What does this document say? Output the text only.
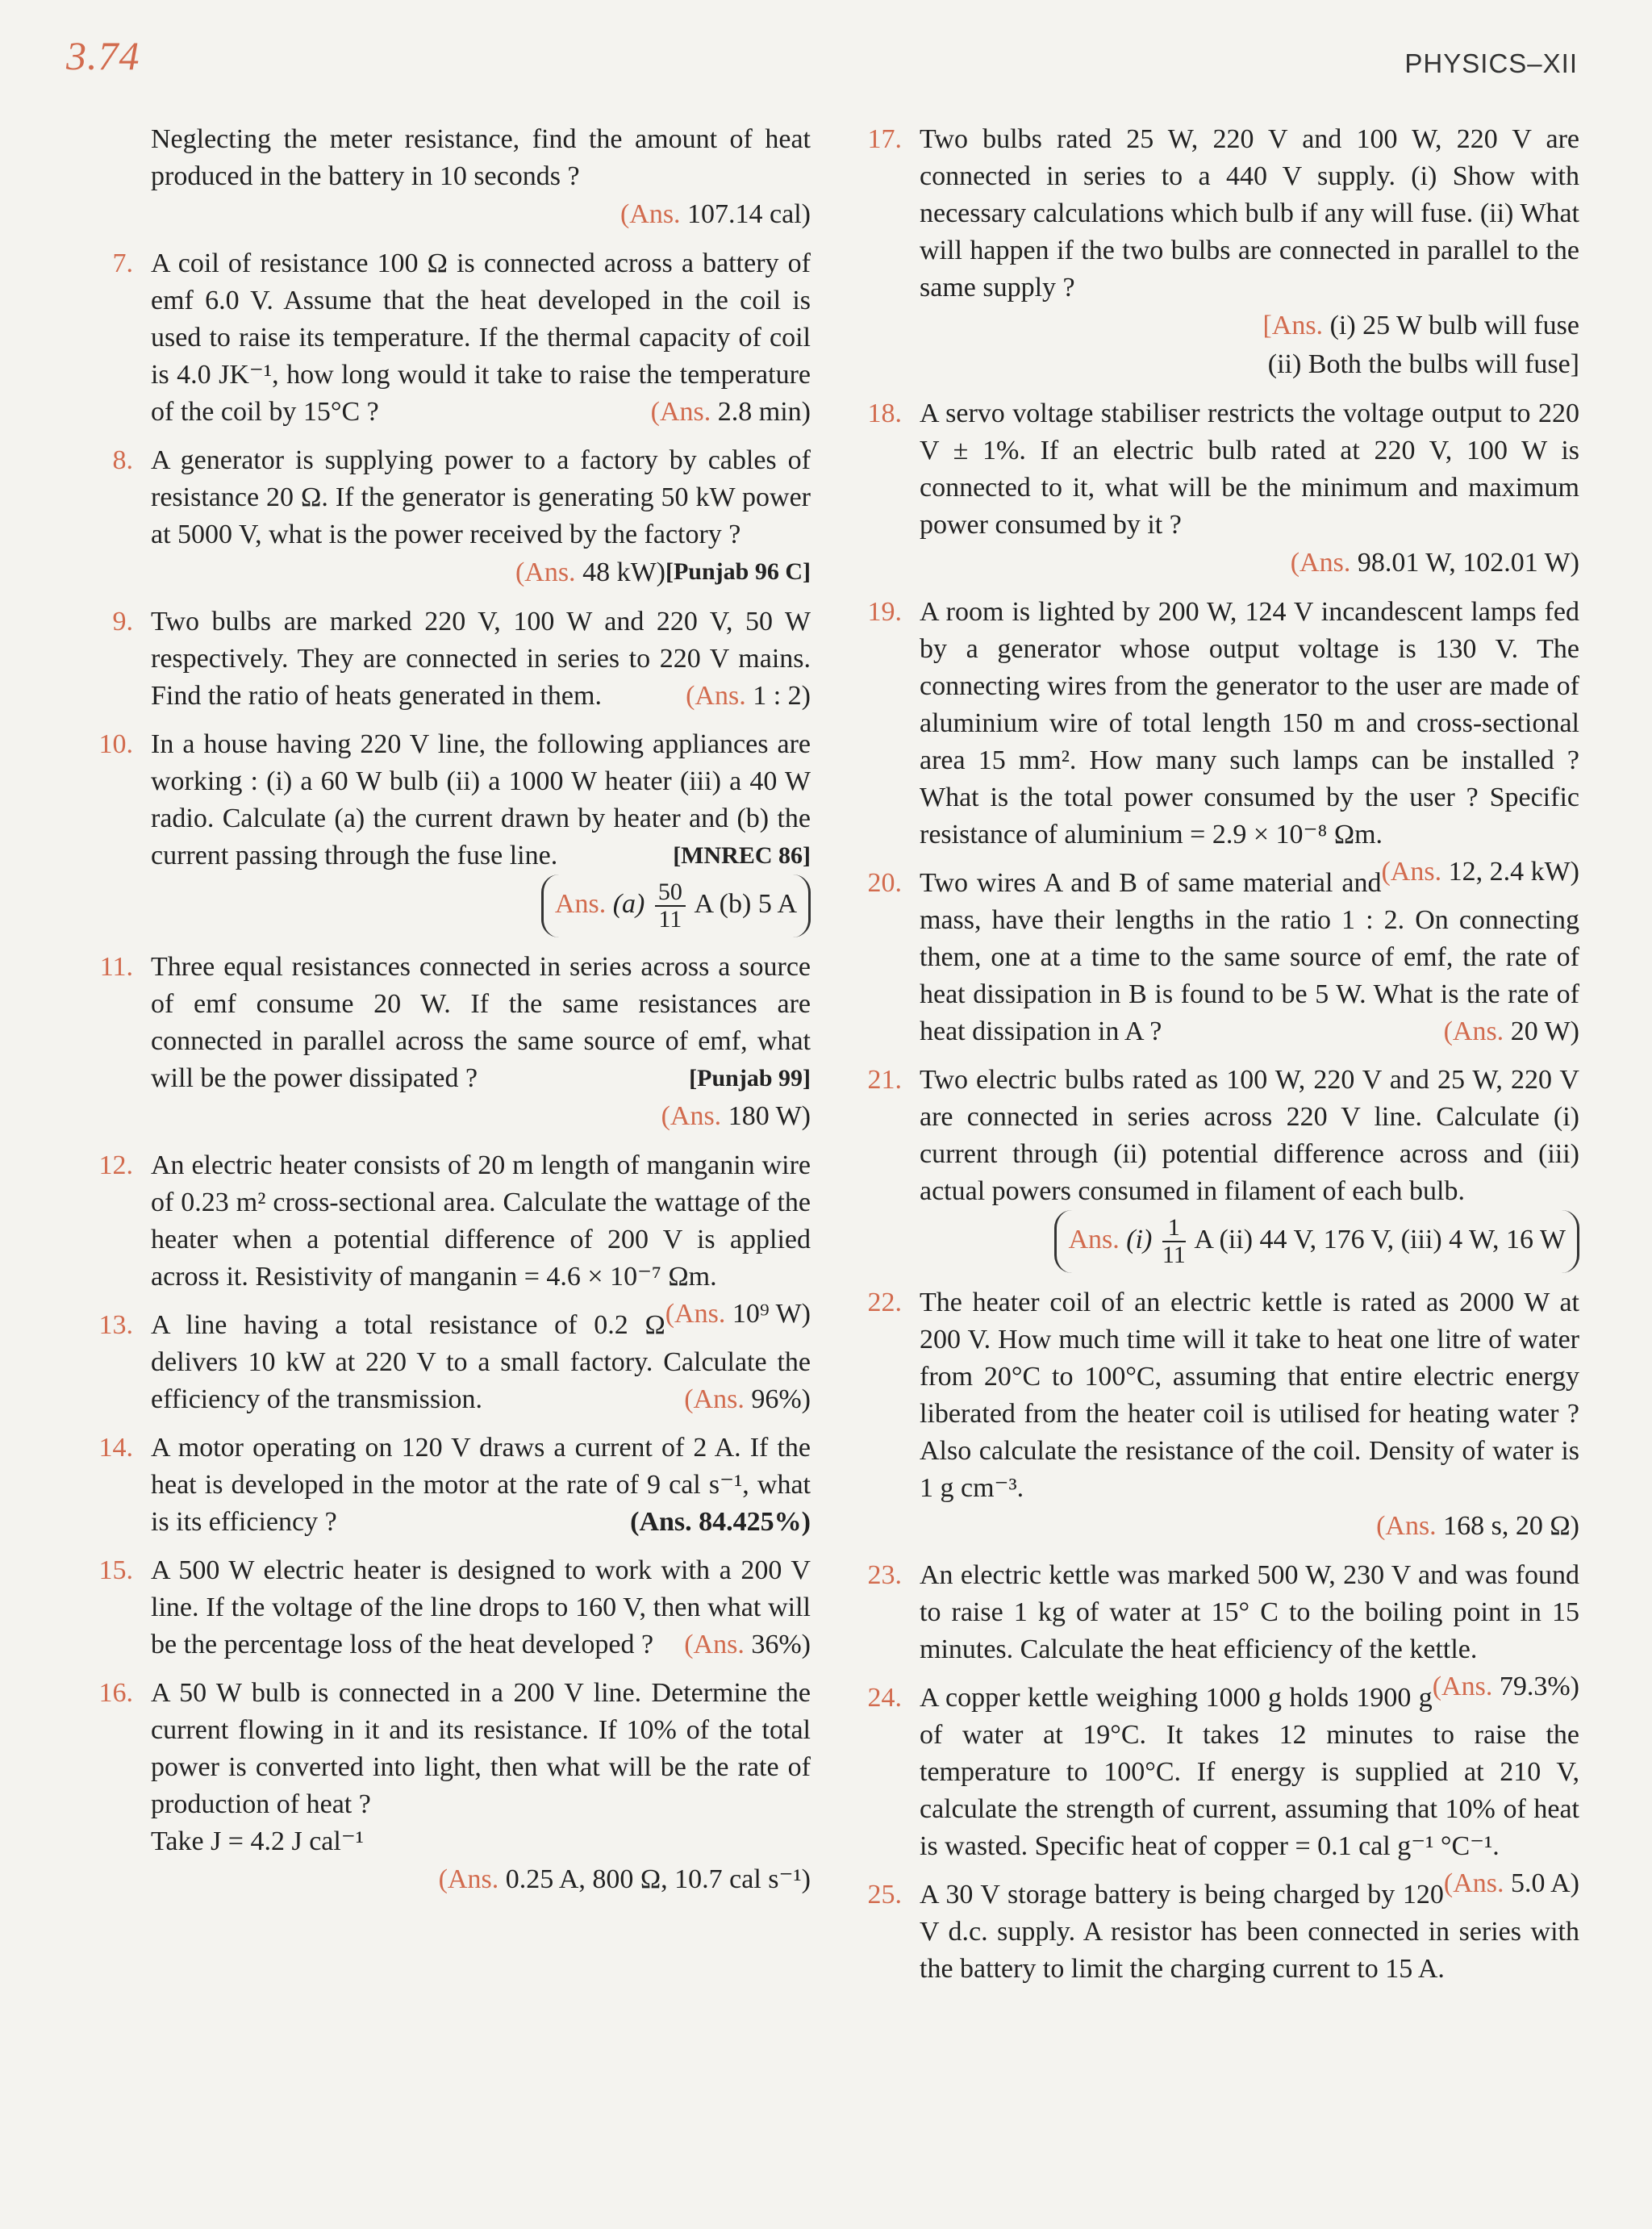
3.74	PHYSICS–XII
Neglecting the meter resistance, find the amount of heat produced in the battery in 10 seconds ?
(Ans. 107.14 cal)
7. A coil of resistance 100 Ω is connected across a battery of emf 6.0 V. Assume that the heat developed in the coil is used to raise its temperature. If the thermal capacity of coil is 4.0 JK⁻¹, how long would it take to raise the temperature of the coil by 15°C ?	(Ans. 2.8 min)
8. A generator is supplying power to a factory by cables of resistance 20 Ω. If the generator is generating 50 kW power at 5000 V, what is the power received by the factory ?
[Punjab 96 C]
(Ans. 48 kW)
9. Two bulbs are marked 220 V, 100 W and 220 V, 50 W respectively. They are connected in series to 220 V mains. Find the ratio of heats generated in them.	(Ans. 1 : 2)
10. In a house having 220 V line, the following appliances are working : (i) a 60 W bulb (ii) a 1000 W heater (iii) a 40 W radio. Calculate (a) the current drawn by heater and (b) the current passing through the fuse line.	[MNREC 86]
Ans. $(a) \frac{50}{11}$ A (b) 5 A
11. Three equal resistances connected in series across a source of emf consume 20 W. If the same resistances are connected in parallel across the same source of emf, what will be the power dissipated ?	[Punjab 99]
(Ans. 180 W)
12. An electric heater consists of 20 m length of manganin wire of 0.23 m² cross-sectional area. Calculate the wattage of the heater when a potential difference of 200 V is applied across it. Resistivity of manganin = 4.6 × 10⁻⁷ Ωm.
(Ans. 10⁹ W)
13. A line having a total resistance of 0.2 Ω delivers 10 kW at 220 V to a small factory. Calculate the efficiency of the transmission.	(Ans. 96%)
14. A motor operating on 120 V draws a current of 2 A. If the heat is developed in the motor at the rate of 9 cal s⁻¹, what is its efficiency ?	(Ans. 84.425%)
15. A 500 W electric heater is designed to work with a 200 V line. If the voltage of the line drops to 160 V, then what will be the percentage loss of the heat developed ? (Ans. 36%)
16. A 50 W bulb is connected in a 200 V line. Determine the current flowing in it and its resistance. If 10% of the total power is converted into light, then what will be the rate of production of heat ?
Take J = 4.2 J cal⁻¹
(Ans. 0.25 A, 800 Ω, 10.7 cal s⁻¹)
17. Two bulbs rated 25 W, 220 V and 100 W, 220 V are connected in series to a 440 V supply. (i) Show with necessary calculations which bulb if any will fuse. (ii) What will happen if the two bulbs are connected in parallel to the same supply ?
[Ans. (i) 25 W bulb will fuse
(ii) Both the bulbs will fuse]
18. A servo voltage stabiliser restricts the voltage output to 220 V ± 1%. If an electric bulb rated at 220 V, 100 W is connected to it, what will be the minimum and maximum power consumed by it ?
(Ans. 98.01 W, 102.01 W)
19. A room is lighted by 200 W, 124 V incandescent lamps fed by a generator whose output voltage is 130 V. The connecting wires from the generator to the user are made of aluminium wire of total length 150 m and cross-sectional area 15 mm². How many such lamps can be installed ? What is the total power consumed by the user ? Specific resistance of aluminium = 2.9 × 10⁻⁸ Ωm.
(Ans. 12, 2.4 kW)
20. Two wires A and B of same material and mass, have their lengths in the ratio 1 : 2. On connecting them, one at a time to the same source of emf, the rate of heat dissipation in B is found to be 5 W. What is the rate of heat dissipation in A ?	(Ans. 20 W)
21. Two electric bulbs rated as 100 W, 220 V and 25 W, 220 V are connected in series across 220 V line. Calculate (i) current through (ii) potential difference across and (iii) actual powers consumed in filament of each bulb.
Ans. $(i) \frac{1}{11}$ A (ii) 44 V, 176 V, (iii) 4 W, 16 W
22. The heater coil of an electric kettle is rated as 2000 W at 200 V. How much time will it take to heat one litre of water from 20°C to 100°C, assuming that entire electric energy liberated from the heater coil is utilised for heating water ? Also calculate the resistance of the coil. Density of water is 1 g cm⁻³.
(Ans. 168 s, 20 Ω)
23. An electric kettle was marked 500 W, 230 V and was found to raise 1 kg of water at 15° C to the boiling point in 15 minutes. Calculate the heat efficiency of the kettle.
(Ans. 79.3%)
24. A copper kettle weighing 1000 g holds 1900 g of water at 19°C. It takes 12 minutes to raise the temperature to 100°C. If energy is supplied at 210 V, calculate the strength of current, assuming that 10% of heat is wasted. Specific heat of copper = 0.1 cal g⁻¹ °C⁻¹.
(Ans. 5.0 A)
25. A 30 V storage battery is being charged by 120 V d.c. supply. A resistor has been connected in series with the battery to limit the charging current to 15 A.
